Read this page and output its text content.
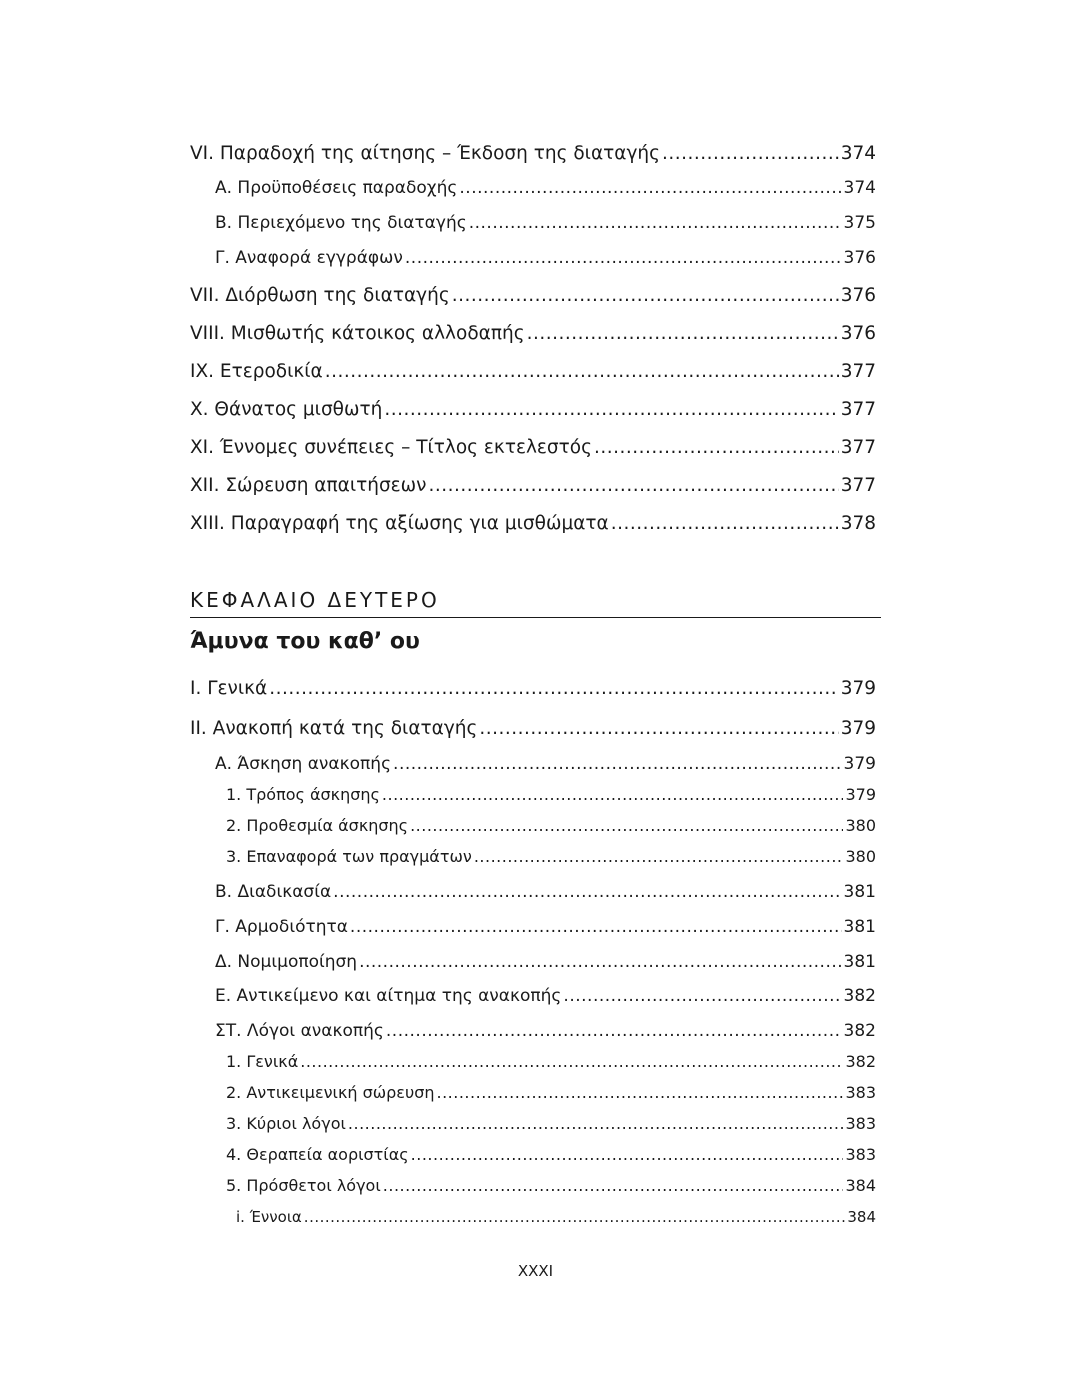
VI. Παραδοχή της αίτησης – Έκδοση της διαταγής .....	374
Α. Προϋποθέσεις παραδοχής .....	374
Β. Περιεχόμενο της διαταγής .....	375
Γ. Αναφορά εγγράφων .....	376
VII. Διόρθωση της διαταγής .....	376
VIII. Μισθωτής κάτοικος αλλοδαπής .....	376
IX. Ετεροδικία .....	377
X. Θάνατος μισθωτή .....	377
XI. Έννομες συνέπειες – Τίτλος εκτελεστός .....	377
XII. Σώρευση απαιτήσεων .....	377
XIII. Παραγραφή της αξίωσης για μισθώματα .....	378
ΚΕΦΑΛΑΙΟ ΔΕΥΤΕΡΟ
Άμυνα του καθ’ ου
I. Γενικά .....	379
II. Ανακοπή κατά της διαταγής .....	379
Α. Άσκηση ανακοπής .....	379
1. Τρόπος άσκησης .....	379
2. Προθεσμία άσκησης .....	380
3. Επαναφορά των πραγμάτων .....	380
Β. Διαδικασία .....	381
Γ. Αρμοδιότητα .....	381
Δ. Νομιμοποίηση .....	381
Ε. Αντικείμενο και αίτημα της ανακοπής .....	382
ΣΤ. Λόγοι ανακοπής .....	382
1. Γενικά .....	382
2. Αντικειμενική σώρευση .....	383
3. Κύριοι λόγοι .....	383
4. Θεραπεία αοριστίας .....	383
5. Πρόσθετοι λόγοι .....	384
i. Έννοια .....	384
XXXI
